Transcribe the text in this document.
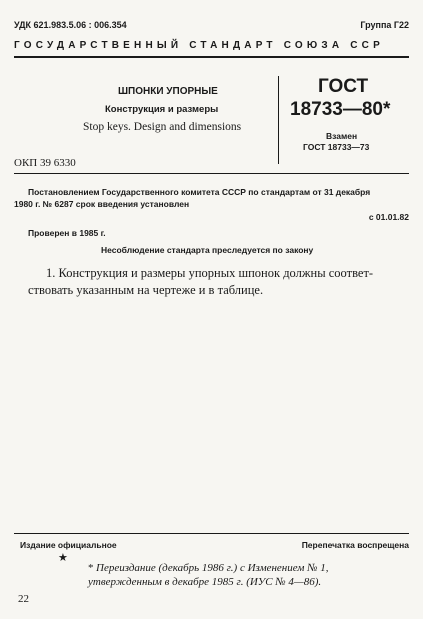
УДК 621.983.5.06 : 006.354	Группа Г22
ГОСУДАРСТВЕННЫЙ СТАНДАРТ СОЮЗА ССР
ШПОНКИ УПОРНЫЕ
Конструкция и размеры
Stop keys. Design and dimensions
ГОСТ
18733—80*
Взамен
ГОСТ 18733—73
ОКП 39 6330
Постановлением Государственного комитета СССР по стандартам от 31 декабря
1980 г. № 6287 срок введения установлен
с 01.01.82
Проверен в 1985 г.
Несоблюдение стандарта преследуется по закону
1. Конструкция и размеры упорных шпонок должны соответ-
ствовать указанным на чертеже и в таблице.
Издание официальное	Перепечатка воспрещена
★
* Переиздание (декабрь 1986 г.) с Изменением № 1,
утвержденным в декабре 1985 г. (ИУС № 4—86).
22
